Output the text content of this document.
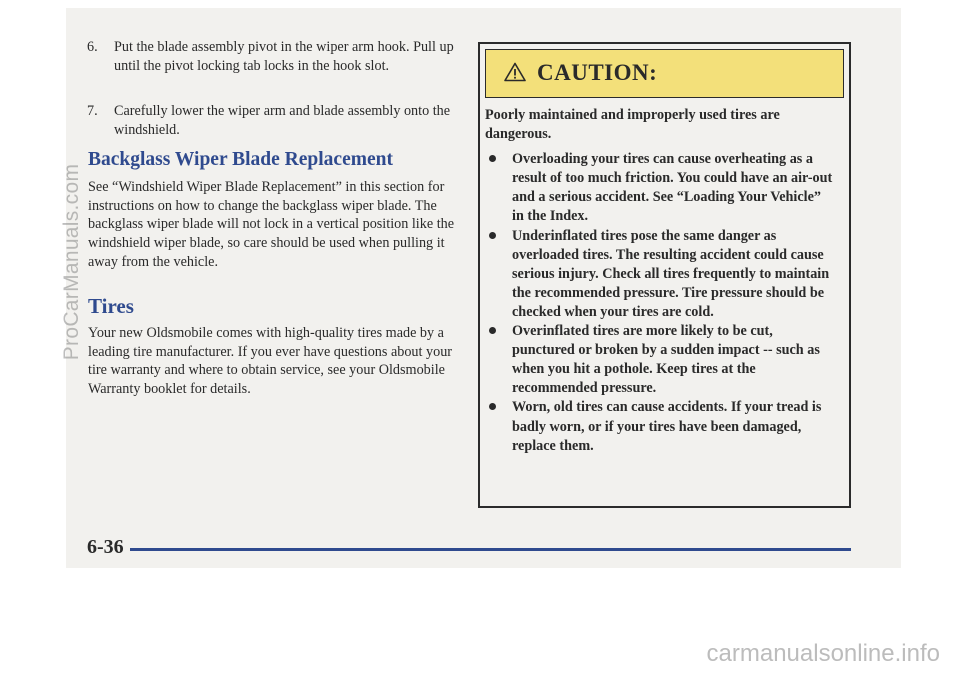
6.	Put the blade assembly pivot in the wiper arm hook. Pull up until the pivot locking tab locks in the hook slot.
7.	Carefully lower the wiper arm and blade assembly onto the windshield.
Backglass Wiper Blade Replacement
See “Windshield Wiper Blade Replacement” in this section for instructions on how to change the backglass wiper blade. The backglass wiper blade will not lock in a vertical position like the windshield wiper blade, so care should be used when pulling it away from the vehicle.
Tires
Your new Oldsmobile comes with high-quality tires made by a leading tire manufacturer. If you ever have questions about your tire warranty and where to obtain service, see your Oldsmobile Warranty booklet for details.
CAUTION:

Poorly maintained and improperly used tires are dangerous.

Overloading your tires can cause overheating as a result of too much friction. You could have an air-out and a serious accident. See “Loading Your Vehicle” in the Index.
Underinflated tires pose the same danger as overloaded tires. The resulting accident could cause serious injury. Check all tires frequently to maintain the recommended pressure. Tire pressure should be checked when your tires are cold.
Overinflated tires are more likely to be cut, punctured or broken by a sudden impact -- such as when you hit a pothole. Keep tires at the recommended pressure.
Worn, old tires can cause accidents. If your tread is badly worn, or if your tires have been damaged, replace them.
6-36
ProCarManuals.com
carmanualsonline.info
